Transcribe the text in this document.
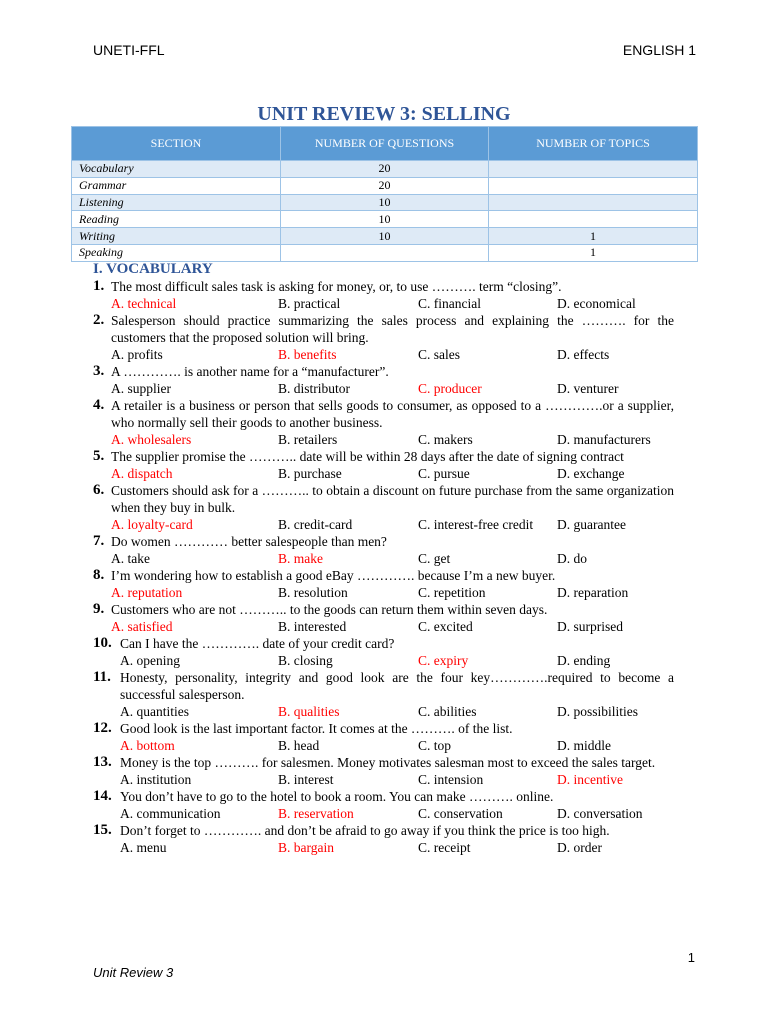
UNETI-FFL	ENGLISH 1
UNIT REVIEW 3: SELLING
SECTION	NUMBER OF QUESTIONS	NUMBER OF TOPICS
Vocabulary	20	
Grammar	20	
Listening	10	
Reading	10	
Writing	10	1
Speaking		1
I. VOCABULARY
1. The most difficult sales task is asking for money, or, to use ………. term “closing”.
A. technical	B. practical	C. financial	D. economical
2. Salesperson should practice summarizing the sales process and explaining the ………. for the customers that the proposed solution will bring.
A. profits	B. benefits	C. sales	D. effects
3. A …………. is another name for a “manufacturer”.
A. supplier	B. distributor	C. producer	D. venturer
4. A retailer is a business or person that sells goods to consumer, as opposed to a ………….or a supplier, who normally sell their goods to another business.
A. wholesalers	B. retailers	C. makers	D. manufacturers
5. The supplier promise the ……….. date will be within 28 days after the date of signing contract
A. dispatch	B. purchase	C. pursue	D. exchange
6. Customers should ask for a ……….. to obtain a discount on future purchase from the same organization when they buy in bulk.
A. loyalty-card	B. credit-card	C. interest-free credit	D. guarantee
7. Do women ………… better salespeople than men?
A. take	B. make	C. get	D. do
8. I’m wondering how to establish a good eBay …………. because I’m a new buyer.
A. reputation	B. resolution	C. repetition	D. reparation
9. Customers who are not ……….. to the goods can return them within seven days.
A. satisfied	B. interested	C. excited	D. surprised
10. Can I have the …………. date of your credit card?
A. opening	B. closing	C. expiry	D. ending
11. Honesty, personality, integrity and good look are the four key………….required to become a successful salesperson.
A. quantities	B. qualities	C. abilities	D. possibilities
12. Good look is the last important factor. It comes at the ………. of the list.
A. bottom	B. head	C. top	D. middle
13. Money is the top ………. for salesmen. Money motivates salesman most to exceed the sales target.
A. institution	B. interest	C. intension	D. incentive
14. You don’t have to go to the hotel to book a room. You can make ………. online.
A. communication	B. reservation	C. conservation	D. conversation
15. Don’t forget to …………. and don’t be afraid to go away if you think the price is too high.
A. menu	B. bargain	C. receipt	D. order
1
Unit Review 3
